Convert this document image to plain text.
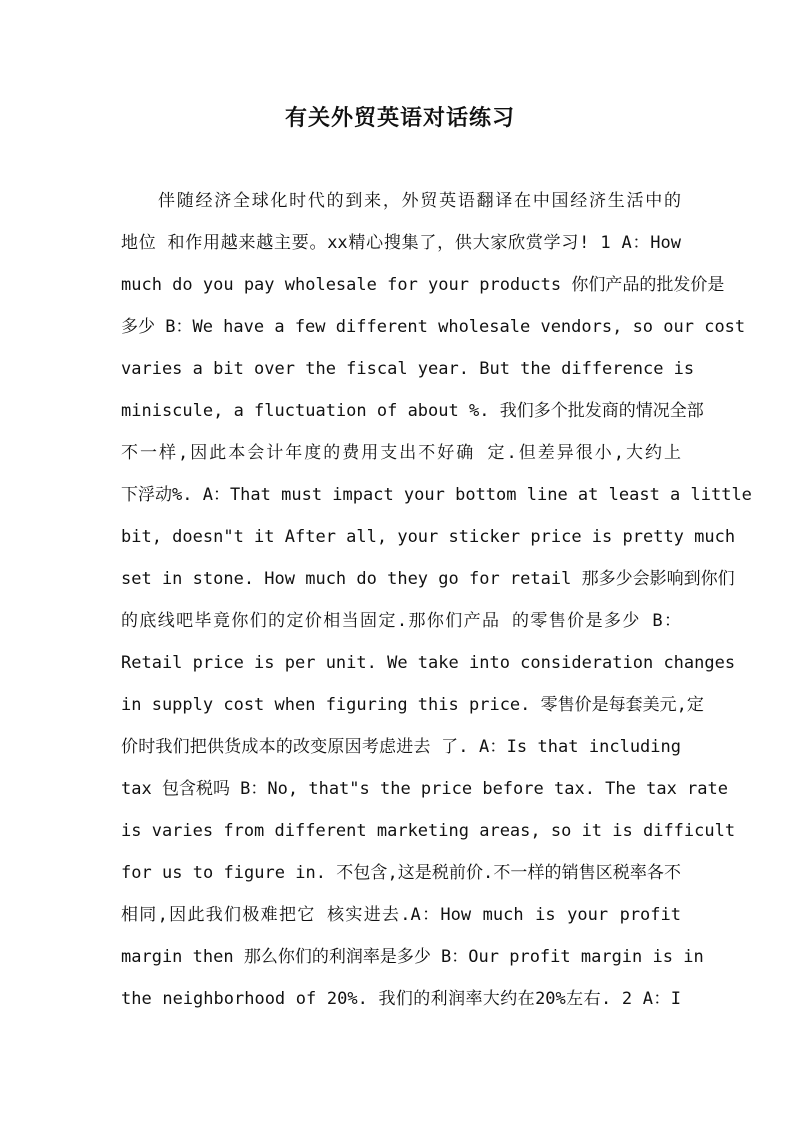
有关外贸英语对话练习
伴随经济全球化时代的到来，外贸英语翻译在中国经济生活中的
地位 和作用越来越主要。xx精心搜集了，供大家欣赏学习! 1 A：How
much do you pay wholesale for your products 你们产品的批发价是
多少 B：We have a few different wholesale vendors, so our cost
varies a bit over the fiscal year. But the difference is
miniscule, a fluctuation of about %. 我们多个批发商的情况全部
不一样,因此本会计年度的费用支出不好确 定.但差异很小,大约上
下浮动%. A：That must impact your bottom line at least a little
bit, doesn"t it After all, your sticker price is pretty much
set in stone. How much do they go for retail 那多少会影响到你们
的底线吧毕竟你们的定价相当固定.那你们产品 的零售价是多少 B：
Retail price is per unit. We take into consideration changes
in supply cost when figuring this price. 零售价是每套美元,定
价时我们把供货成本的改变原因考虑进去 了. A：Is that including
tax 包含税吗 B：No, that"s the price before tax. The tax rate
is varies from different marketing areas, so it is difficult
for us to figure in. 不包含,这是税前价.不一样的销售区税率各不
相同,因此我们极难把它 核实进去.A：How much is your profit
margin then 那么你们的利润率是多少 B：Our profit margin is in
the neighborhood of 20%. 我们的利润率大约在20%左右. 2 A：I
